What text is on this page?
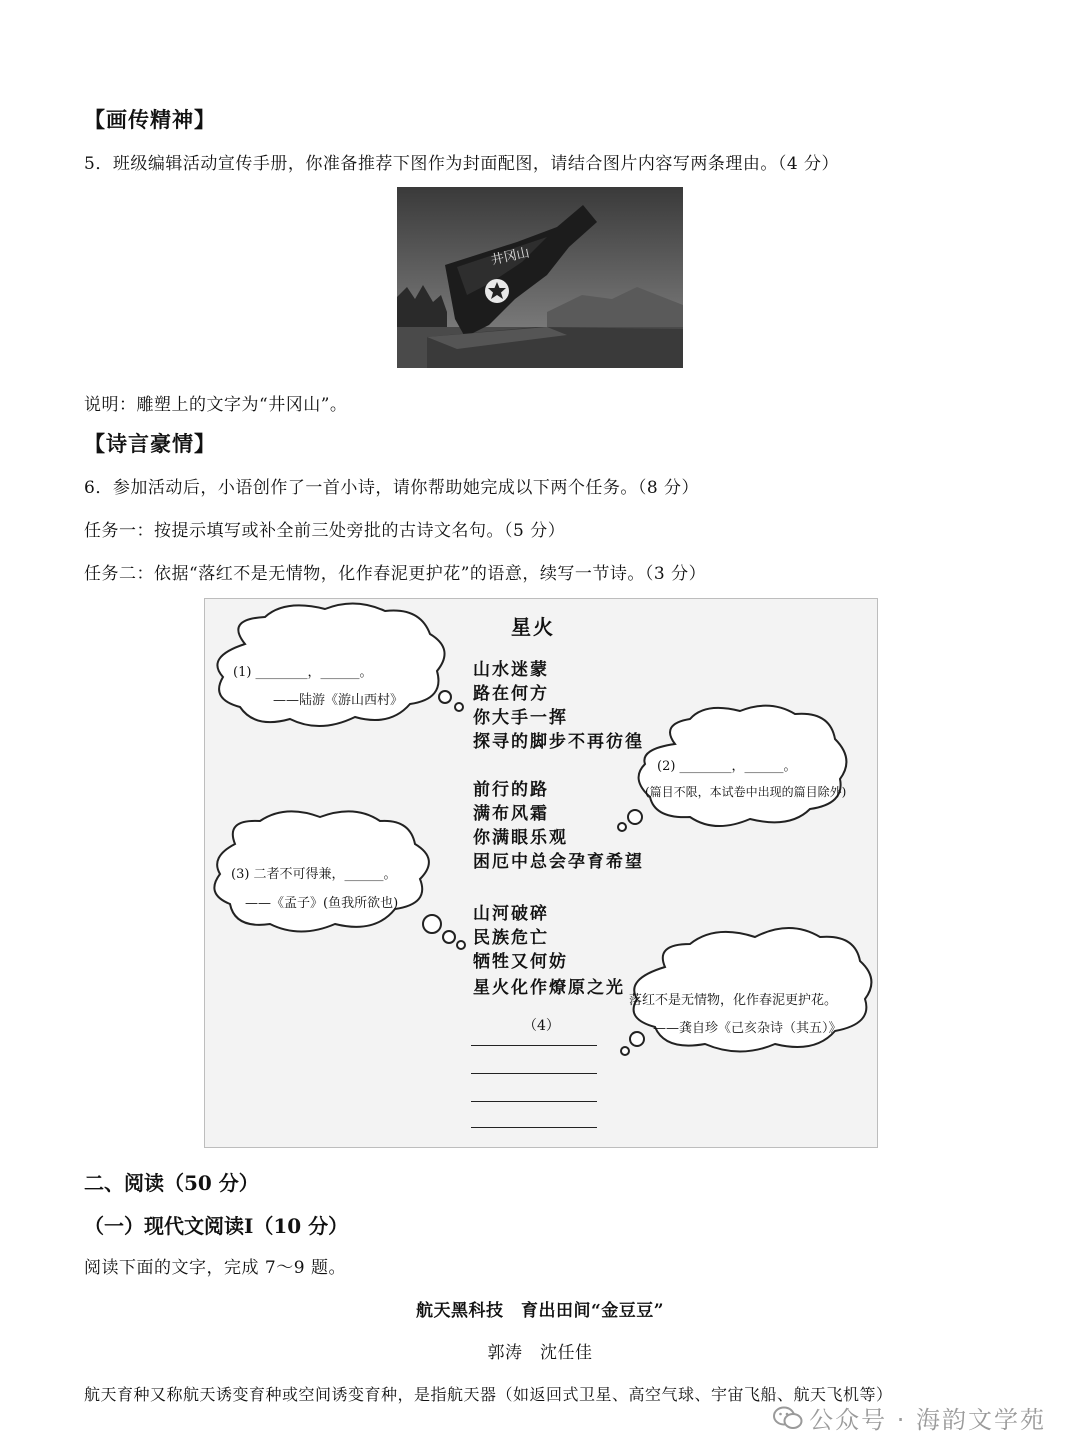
【画传精神】
5．班级编辑活动宣传手册，你准备推荐下图作为封面配图，请结合图片内容写两条理由。（4 分）
井冈山
说明：雕塑上的文字为“井冈山”。
【诗言豪情】
6．参加活动后，小语创作了一首小诗，请你帮助她完成以下两个任务。（8 分）
任务一：按提示填写或补全前三处旁批的古诗文名句。（5 分）
任务二：依据“落红不是无情物，化作春泥更护花”的语意，续写一节诗。（3 分）
星火
山水迷蒙
路在何方
你大手一挥
探寻的脚步不再彷徨
前行的路
满布风霜
你满眼乐观
困厄中总会孕育希望
山河破碎
民族危亡
牺牲又何妨
星火化作燎原之光
（4）
(1) ________，______。
——陆游《游山西村》
(2) ________，______。
(篇目不限，本试卷中出现的篇目除外)
(3) 二者不可得兼，______。
——《孟子》(鱼我所欲也)
落红不是无情物，化作春泥更护花。
——龚自珍《己亥杂诗（其五）》
二、阅读（50 分）
（一）现代文阅读Ⅰ（10 分）
阅读下面的文字，完成 7～9 题。
航天黑科技　育出田间“金豆豆”
郭涛　沈任佳
航天育种又称航天诱变育种或空间诱变育种，是指航天器（如返回式卫星、高空气球、宇宙飞船、航天飞机等）
公众号 · 海韵文学苑
